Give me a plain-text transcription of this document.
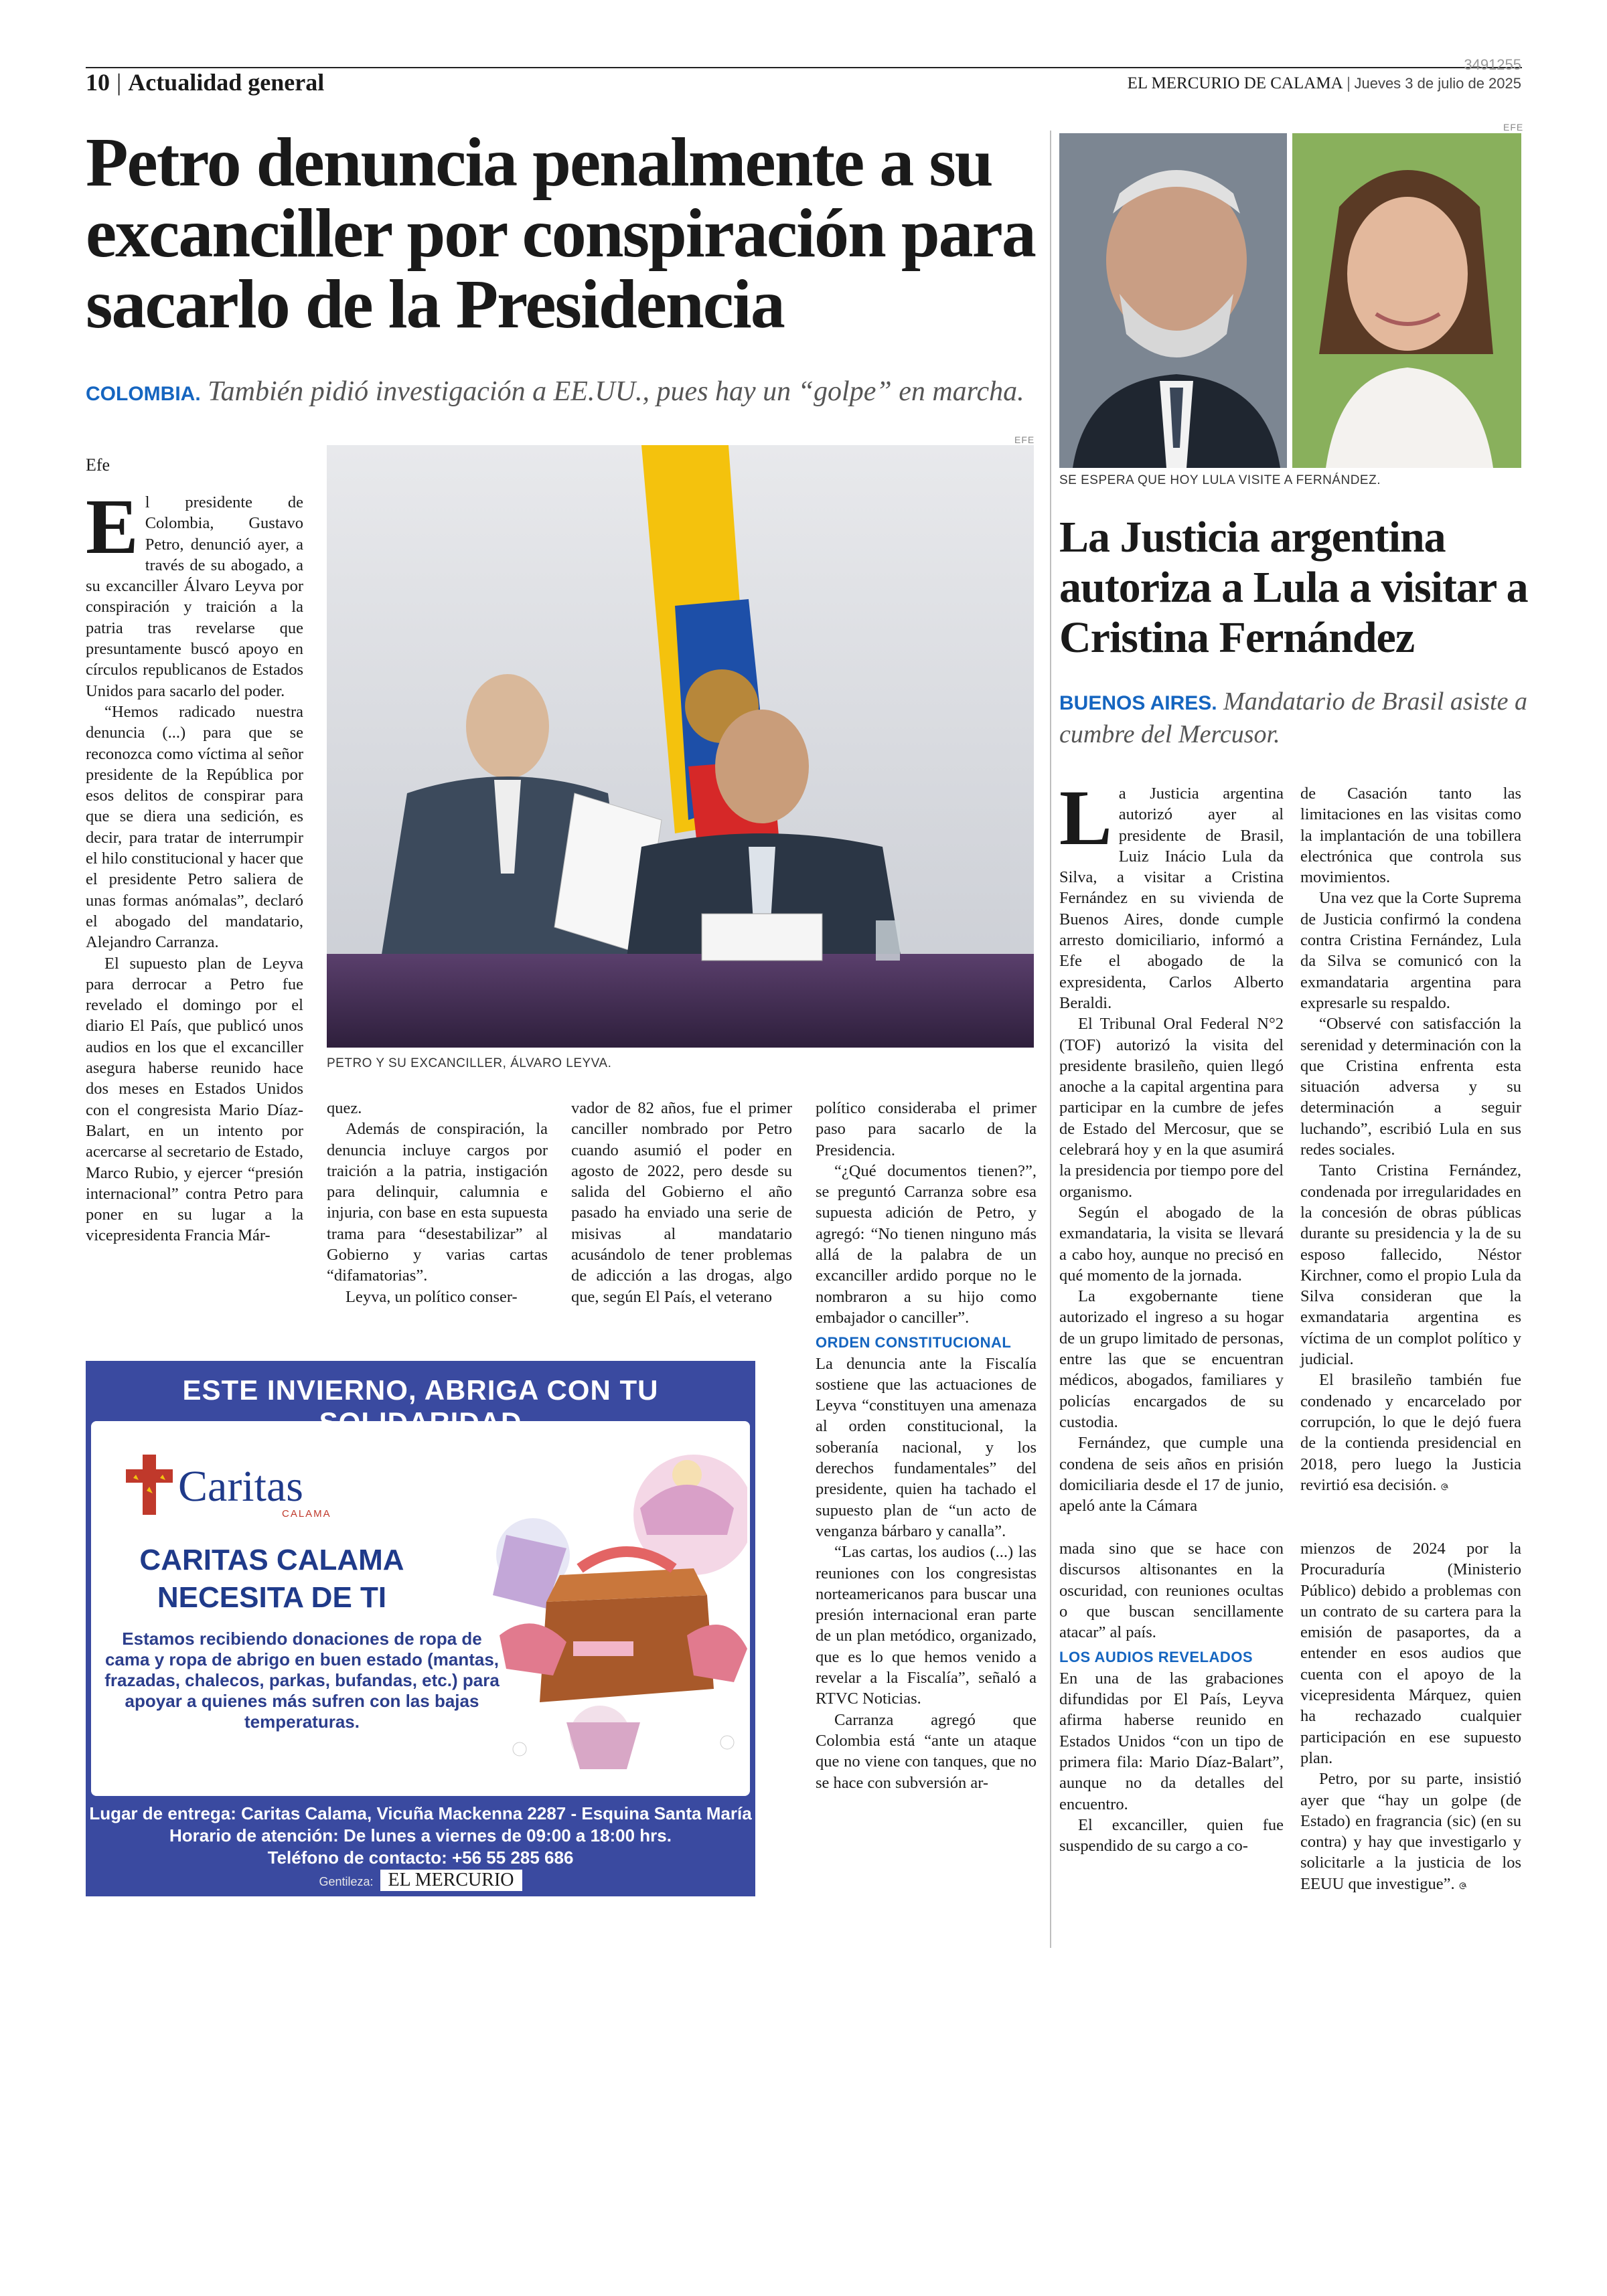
10 | Actualidad general
3491255
EL MERCURIO DE CALAMA | Jueves 3 de julio de 2025
Petro denuncia penalmente a su excanciller por conspiración para sacarlo de la Presidencia
COLOMBIA. También pidió investigación a EE.UU., pues hay un “golpe” en marcha.
Efe
EFE
PETRO Y SU EXCANCILLER, ÁLVARO LEYVA.

El presidente de Colombia, Gustavo Petro, denunció ayer, a través de su abogado, a su excanciller Álvaro Leyva por conspiración y traición a la patria tras revelarse que presuntamente buscó apoyo en círculos republicanos de Estados Unidos para sacarlo del poder.

“Hemos radicado nuestra denuncia (...) para que se reconozca como víctima al señor presidente de la República por esos delitos de conspirar para que se diera una sedición, es decir, para tratar de interrumpir el hilo constitucional y hacer que el presidente Petro saliera de unas formas anómalas”, declaró el abogado del mandatario, Alejandro Carranza.

El supuesto plan de Leyva para derrocar a Petro fue revelado el domingo por el diario El País, que publicó unos audios en los que el excanciller asegura haberse reunido hace dos meses en Estados Unidos con el congresista Mario Díaz-Balart, en un intento por acercarse al secretario de Estado, Marco Rubio, y ejercer “presión internacional” contra Petro para poner en su lugar a la vicepresidenta Francia Már-

quez.

Además de conspiración, la denuncia incluye cargos por traición a la patria, instigación para delinquir, calumnia e injuria, con base en esta supuesta trama para “desestabilizar” al Gobierno y varias cartas “difamatorias”.

Leyva, un político conser-

vador de 82 años, fue el primer canciller nombrado por Petro cuando asumió el poder en agosto de 2022, pero desde su salida del Gobierno el año pasado ha enviado una serie de misivas al mandatario acusándolo de tener problemas de adicción a las drogas, algo que, según El País, el veterano

político consideraba el primer paso para sacarlo de la Presidencia.

“¿Qué documentos tienen?”, se preguntó Carranza sobre esa supuesta adición de Petro, y agregó: “No tienen ninguno más allá de la palabra de un excanciller ardido porque no le nombraron a su hijo como embajador o canciller”.

ORDEN CONSTITUCIONAL

La denuncia ante la Fiscalía sostiene que las actuaciones de Leyva “constituyen una amenaza al orden constitucional, la soberanía nacional, y los derechos fundamentales” del presidente, quien ha tachado el supuesto plan de “un acto de venganza bárbaro y canalla”.

“Las cartas, los audios (...) las reuniones con los congresistas norteamericanos para buscar una presión internacional eran parte de un plan metódico, organizado, que es lo que hemos venido a revelar a la Fiscalía”, señaló a RTVC Noticias.

Carranza agregó que Colombia está “ante un ataque que no viene con tanques, que no se hace con subversión ar-

mada sino que se hace con discursos altisonantes en la oscuridad, con reuniones ocultas o que buscan sencillamente atacar” al país.

LOS AUDIOS REVELADOS

En una de las grabaciones difundidas por El País, Leyva afirma haberse reunido en Estados Unidos “con un tipo de primera fila: Mario Díaz-Balart”, aunque no da detalles del encuentro.

El excanciller, quien fue suspendido de su cargo a co-

mienzos de 2024 por la Procuraduría (Ministerio Público) debido a problemas con un contrato de su cartera para la emisión de pasaportes, da a entender en esos audios que cuenta con el apoyo de la vicepresidenta Márquez, quien ha rechazado cualquier participación en ese supuesto plan.

Petro, por su parte, insistió ayer que “hay un golpe (de Estado) en fragrancia (sic) (en su contra) y hay que investigarlo y solicitarle a la justicia de los EEUU que investigue”. ဇ

ESTE INVIERNO, ABRIGA CON TU
Caritas
CALAMA
CARITAS CALAMA
NECESITA DE TI
Estamos recibiendo donaciones de ropa de cama y ropa de abrigo en buen estado (mantas, frazadas, chalecos, parkas, bufandas, etc.) para apoyar a quienes más sufren con las bajas temperaturas.
Lugar de entrega: Caritas Calama, Vicuña Mackenna 2287 - Esquina Santa María
Horario de atención: De lunes a viernes de 09:00 a 18:00 hrs.
Teléfono de contacto: +56 55 285 686
Gentileza: EL MERCURIO
EFE
SE ESPERA QUE HOY LULA VISITE A FERNÁNDEZ.
La Justicia argentina autoriza a Lula a visitar a Cristina Fernández
BUENOS AIRES. Mandatario de Brasil asiste a cumbre del Mercusor.

La Justicia argentina autorizó ayer al presidente de Brasil, Luiz Inácio Lula da Silva, a visitar a Cristina Fernández en su vivienda de Buenos Aires, donde cumple arresto domiciliario, informó a Efe el abogado de la expresidenta, Carlos Alberto Beraldi.

El Tribunal Oral Federal N°2 (TOF) autorizó la visita del presidente brasileño, quien llegó anoche a la capital argentina para participar en la cumbre de jefes de Estado del Mercosur, que se celebrará hoy y en la que asumirá la presidencia por tiempo pore del organismo.

Según el abogado de la exmandataria, la visita se llevará a cabo hoy, aunque no precisó en qué momento de la jornada.

La exgobernante tiene autorizado el ingreso a su hogar de un grupo limitado de personas, entre las que se encuentran médicos, abogados, familiares y policías encargados de su custodia.

Fernández, que cumple una condena de seis años en prisión domiciliaria desde el 17 de junio, apeló ante la Cámara

de Casación tanto las limitaciones en las visitas como la implantación de una tobillera electrónica que controla sus movimientos.

Una vez que la Corte Suprema de Justicia confirmó la condena contra Cristina Fernández, Lula da Silva se comunicó con la exmandataria argentina para expresarle su respaldo.

“Observé con satisfacción la serenidad y determinación con la que Cristina enfrenta esta situación adversa y su determinación a seguir luchando”, escribió Lula en sus redes sociales.

Tanto Cristina Fernández, condenada por irregularidades en la concesión de obras públicas durante su presidencia y la de su esposo fallecido, Néstor Kirchner, como el propio Lula da Silva consideran que la exmandataria argentina es víctima de un complot político y judicial.

El brasileño también fue condenado y encarcelado por corrupción, lo que le dejó fuera de la contienda presidencial en 2018, pero luego la Justicia revirtió esa decisión. ဇ
